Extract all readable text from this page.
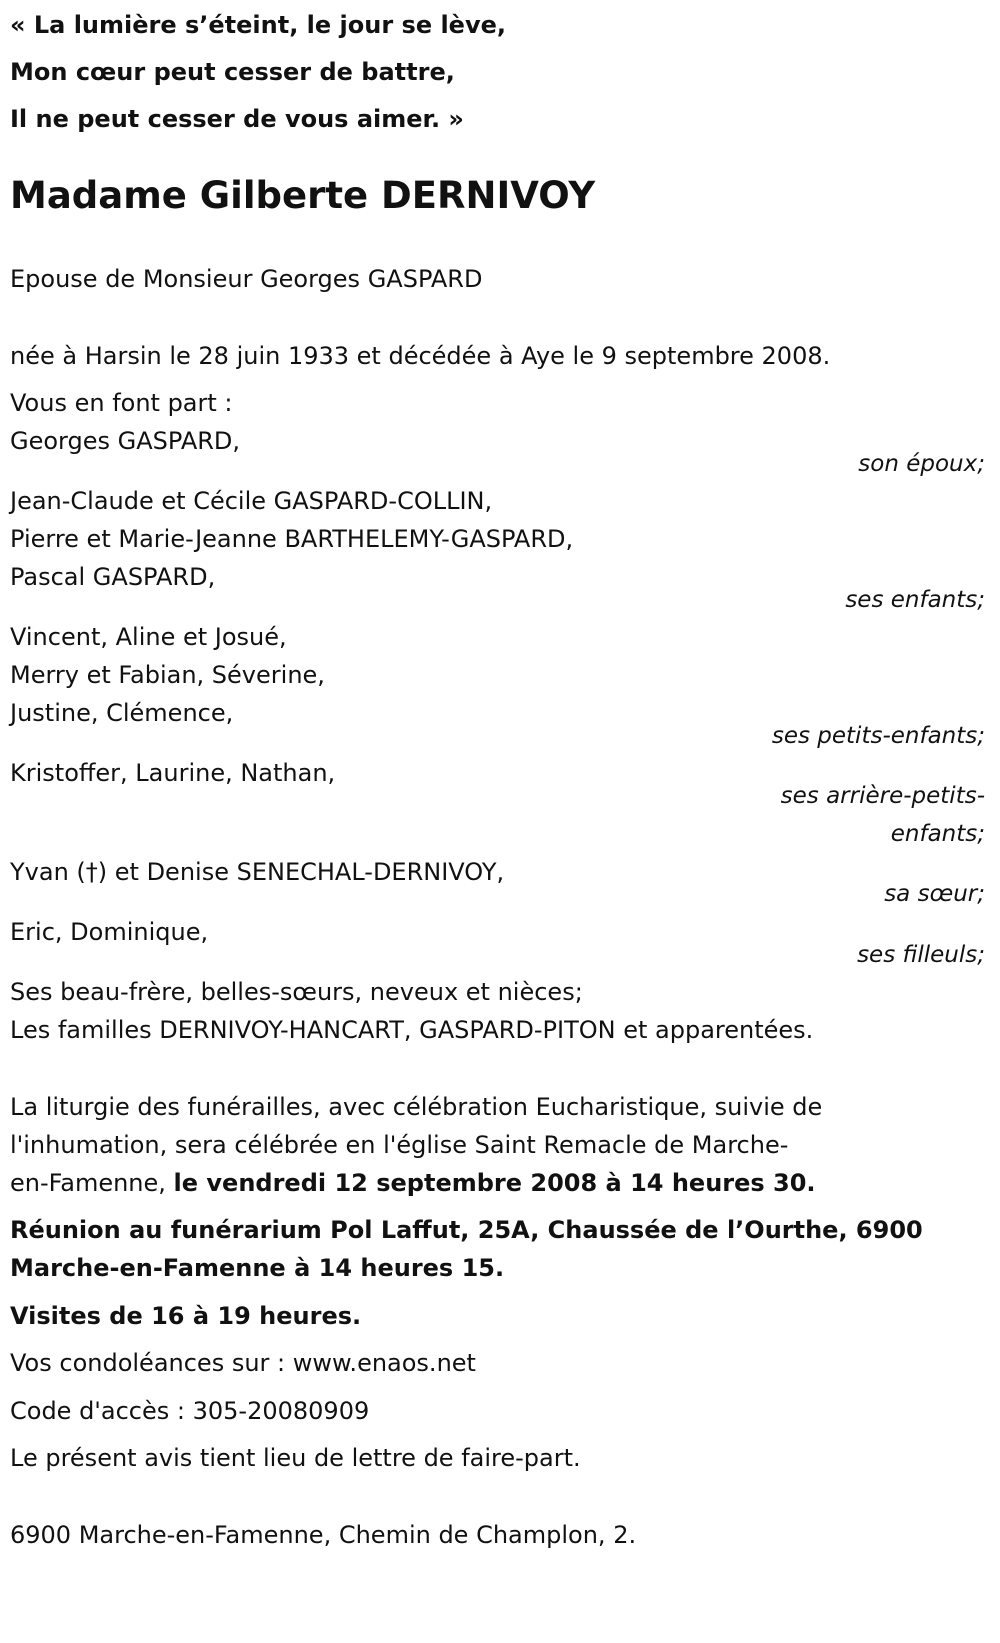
« La lumière s’éteint, le jour se lève,
Mon cœur peut cesser de battre,
Il ne peut cesser de vous aimer. »
Madame Gilberte DERNIVOY
Epouse de Monsieur Georges GASPARD
née à Harsin le 28 juin 1933 et décédée à Aye le 9 septembre 2008.
Vous en font part :
Georges GASPARD,
son époux;
Jean-Claude et Cécile GASPARD-COLLIN,
Pierre et Marie-Jeanne BARTHELEMY-GASPARD,
Pascal GASPARD,
ses enfants;
Vincent, Aline et Josué,
Merry et Fabian, Séverine,
Justine, Clémence,
ses petits-enfants;
Kristoffer, Laurine, Nathan,
ses arrière-petits-
enfants;
Yvan (†) et Denise SENECHAL-DERNIVOY,
sa sœur;
Eric, Dominique,
ses filleuls;
Ses beau-frère, belles-sœurs, neveux et nièces;
Les familles DERNIVOY-HANCART, GASPARD-PITON et apparentées.
La liturgie des funérailles, avec célébration Eucharistique, suivie de
l'inhumation, sera célébrée en l'église Saint Remacle de Marche-
en-Famenne, le vendredi 12 septembre 2008 à 14 heures 30.
Réunion au funérarium Pol Laffut, 25A, Chaussée de l’Ourthe, 6900
Marche-en-Famenne à 14 heures 15.
Visites de 16 à 19 heures.
Vos condoléances sur : www.enaos.net
Code d'accès : 305-20080909
Le présent avis tient lieu de lettre de faire-part.
6900 Marche-en-Famenne, Chemin de Champlon, 2.
